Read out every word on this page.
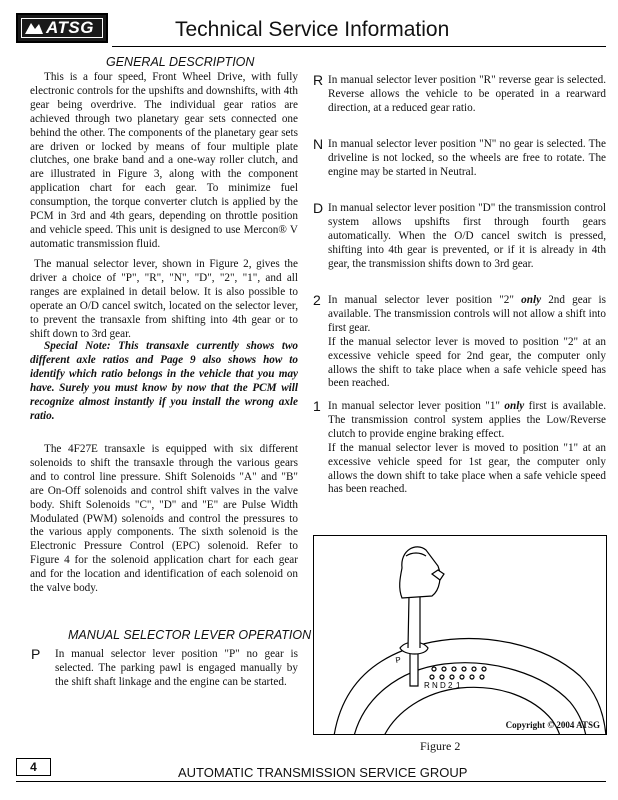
ATSG	Technical Service Information
GENERAL DESCRIPTION
This is a four speed, Front Wheel Drive, with fully electronic controls for the upshifts and downshifts, with 4th gear being overdrive. The individual gear ratios are achieved through two planetary gear sets connected one behind the other. The components of the planetary gear sets are driven or locked by means of four multiple plate clutches, one brake band and a one-way roller clutch, and are illustrated in Figure 3, along with the component application chart for each gear. To minimize fuel consumption, the torque converter clutch is applied by the PCM in 3rd and 4th gears, depending on throttle position and vehicle speed. This unit is designed to use Mercon® V automatic transmission fluid.
The manual selector lever, shown in Figure 2, gives the driver a choice of "P", "R", "N", "D", "2", "1", and all ranges are explained in detail below. It is also possible to operate an O/D cancel switch, located on the selector lever, to prevent the transaxle from shifting into 4th gear or to shift down to 3rd gear.
Special Note: This transaxle currently shows two different axle ratios and Page 9 also shows how to identify which ratio belongs in the vehicle that you may have. Surely you must know by now that the PCM will recognize almost instantly if you install the wrong axle ratio.
The 4F27E transaxle is equipped with six different solenoids to shift the transaxle through the various gears and to control line pressure. Shift Solenoids "A" and "B" are On-Off solenoids and control shift valves in the valve body. Shift Solenoids "C", "D" and "E" are Pulse Width Modulated (PWM) solenoids and control the pressures to the various apply components. The sixth solenoid is the Electronic Pressure Control (EPC) solenoid. Refer to Figure 4 for the solenoid application chart for each gear and for the location and identification of each solenoid on the valve body.
MANUAL SELECTOR LEVER OPERATION
P In manual selector lever position "P" no gear is selected. The parking pawl is engaged manually by the shift shaft linkage and the engine can be started.
R In manual selector lever position "R" reverse gear is selected. Reverse allows the vehicle to be operated in a rearward direction, at a reduced gear ratio.
N In manual selector lever position "N" no gear is selected. The driveline is not locked, so the wheels are free to rotate. The engine may be started in Neutral.
D In manual selector lever position "D" the transmission control system allows upshifts first through fourth gears automatically. When the O/D cancel switch is pressed, shifting into 4th gear is prevented, or if it is already in 4th gear, the transmission shifts down to 3rd gear.
2 In manual selector lever position "2" only 2nd gear is available. The transmission controls will not allow a shift into first gear.
If the manual selector lever is moved to position "2" at an excessive vehicle speed for 2nd gear, the computer only allows the shift to take place when a safe vehicle speed has been reached.
1 In manual selector lever position "1" only first is available. The transmission control system applies the Low/Reverse clutch to provide engine braking effect.
If the manual selector lever is moved to position "1" at an excessive vehicle speed for 1st gear, the computer only allows the down shift to take place when a safe vehicle speed has been reached.
P
R N D 2 1
Copyright © 2004 ATSG
Figure 2
4	AUTOMATIC TRANSMISSION SERVICE GROUP
